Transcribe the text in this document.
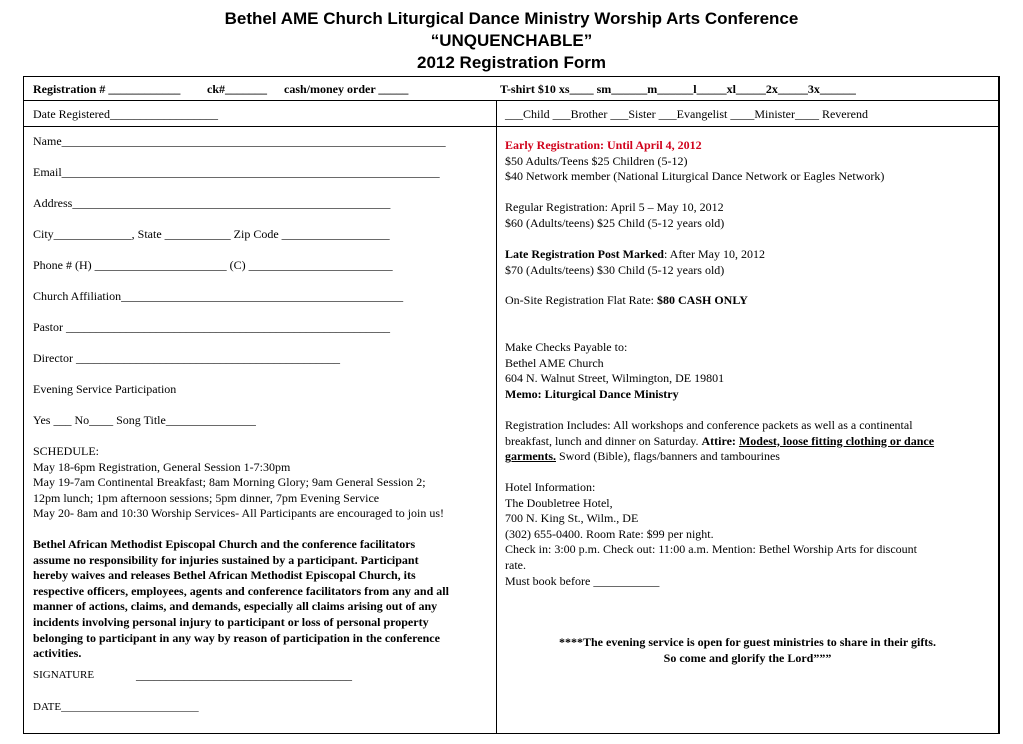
Bethel AME Church Liturgical Dance Ministry Worship Arts Conference
“UNQUENCHABLE”
2012 Registration Form
Registration # ____________ ck#_______ cash/money order _____	T-shirt $10 xs____ sm______m______l_____xl_____2x_____3x______
Date Registered__________________	___Child ___Brother ___Sister ___Evangelist ____Minister____ Reverend
Name________________________________________________________________
Email_______________________________________________________________
Address_____________________________________________________
City_____________, State ___________ Zip Code __________________
Phone # (H) ______________________ (C) ________________________
Church Affiliation_______________________________________________
Pastor ______________________________________________________
Director ____________________________________________
Evening Service Participation
Yes ___ No____ Song Title_______________
SCHEDULE:
May 18-6pm Registration, General Session 1-7:30pm
May 19-7am Continental Breakfast; 8am Morning Glory; 9am General Session 2;
12pm lunch; 1pm afternoon sessions; 5pm dinner, 7pm Evening Service
May 20- 8am and 10:30 Worship Services- All Participants are encouraged to join us!
Bethel African Methodist Episcopal Church and the conference facilitators
assume no responsibility for injuries sustained by a participant. Participant
hereby waives and releases Bethel African Methodist Episcopal Church, its
respective officers, employees, agents and conference facilitators from any and all
manner of actions, claims, and demands, especially all claims arising out of any
incidents involving personal injury to participant or loss of personal property
belonging to participant in any way by reason of participation in the conference
activities.
SIGNATURE	____________________________________
DATE_________________________
Early Registration: Until April 4, 2012
$50 Adults/Teens $25 Children (5-12)
$40 Network member (National Liturgical Dance Network or Eagles Network)
Regular Registration: April 5 – May 10, 2012
$60 (Adults/teens) $25 Child (5-12 years old)
Late Registration Post Marked: After May 10, 2012
$70 (Adults/teens) $30 Child (5-12 years old)
On-Site Registration Flat Rate: $80 CASH ONLY
Make Checks Payable to:
Bethel AME Church
604 N. Walnut Street, Wilmington, DE 19801
Memo: Liturgical Dance Ministry
Registration Includes: All workshops and conference packets as well as a continental
breakfast, lunch and dinner on Saturday. Attire: Modest, loose fitting clothing or dance
garments. Sword (Bible), flags/banners and tambourines
Hotel Information:
The Doubletree Hotel,
700 N. King St., Wilm., DE
(302) 655-0400. Room Rate: $99 per night.
Check in: 3:00 p.m. Check out: 11:00 a.m. Mention: Bethel Worship Arts for discount
rate.
Must book before ___________
****The evening service is open for guest ministries to share in their gifts.
So come and glorify the Lord”””
